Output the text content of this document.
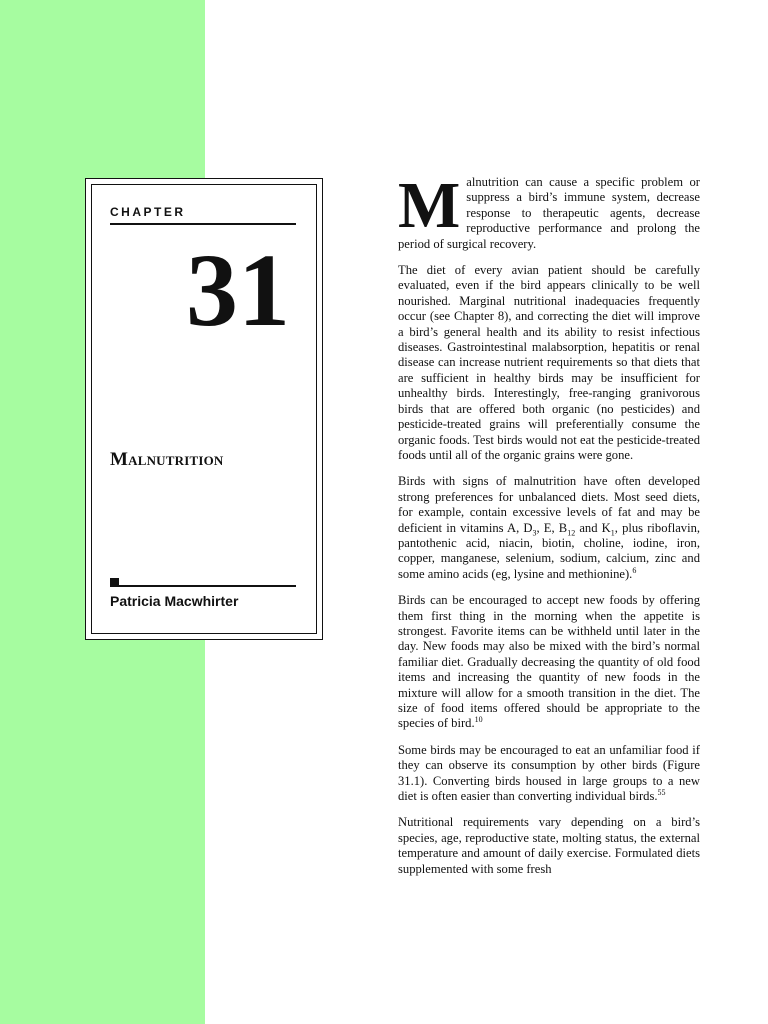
CHAPTER
31
Malnutrition
Patricia Macwhirter

Malnutrition can cause a specific problem or suppress a bird’s immune system, decrease response to therapeutic agents, decrease reproductive performance and prolong the period of surgical recovery.

The diet of every avian patient should be carefully evaluated, even if the bird appears clinically to be well nourished. Marginal nutritional inadequacies frequently occur (see Chapter 8), and correcting the diet will improve a bird’s general health and its ability to resist infectious diseases. Gastrointestinal malabsorption, hepatitis or renal disease can increase nutrient requirements so that diets that are sufficient in healthy birds may be insufficient for unhealthy birds. Interestingly, free-ranging granivorous birds that are offered both organic (no pesticides) and pesticide-treated grains will preferentially consume the organic foods. Test birds would not eat the pesticide-treated foods until all of the organic grains were gone.

Birds with signs of malnutrition have often developed strong preferences for unbalanced diets. Most seed diets, for example, contain excessive levels of fat and may be deficient in vitamins A, $D_3$, E, $B_{12}$ and $K_1$, plus riboflavin, pantothenic acid, niacin, biotin, choline, iodine, iron, copper, manganese, selenium, sodium, calcium, zinc and some amino acids (eg, lysine and methionine).$^6$

Birds can be encouraged to accept new foods by offering them first thing in the morning when the appetite is strongest. Favorite items can be withheld until later in the day. New foods may also be mixed with the bird’s normal familiar diet. Gradually decreasing the quantity of old food items and increasing the quantity of new foods in the mixture will allow for a smooth transition in the diet. The size of food items offered should be appropriate to the species of bird.$^{10}$

Some birds may be encouraged to eat an unfamiliar food if they can observe its consumption by other birds (Figure 31.1). Converting birds housed in large groups to a new diet is often easier than converting individual birds.$^{55}$

Nutritional requirements vary depending on a bird’s species, age, reproductive state, molting status, the external temperature and amount of daily exercise. Formulated diets supplemented with some fresh
